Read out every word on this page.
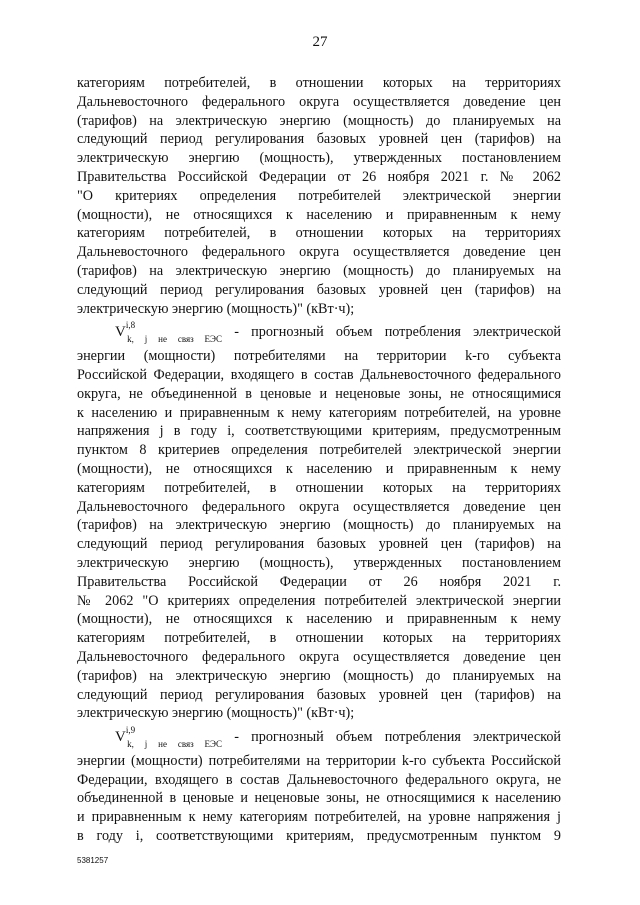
27

категориям потребителей, в отношении которых на территориях
Дальневосточного федерального округа осуществляется доведение цен
(тарифов) на электрическую энергию (мощность) до планируемых на
следующий период регулирования базовых уровней цен (тарифов) на
электрическую энергию (мощность), утвержденных постановлением
Правительства Российской Федерации от 26 ноября 2021 г. № 2062
"О критериях определения потребителей электрической энергии
(мощности), не относящихся к населению и приравненным к нему
категориям потребителей, в отношении которых на территориях
Дальневосточного федерального округа осуществляется доведение цен
(тарифов) на электрическую энергию (мощность) до планируемых на
следующий период регулирования базовых уровней цен (тарифов) на
электрическую энергию (мощность)" (кВт·ч);

V$^{i,8}_{k, j не связ ЕЭС}$ - прогнозный объем потребления электрической
энергии (мощности) потребителями на территории k-го субъекта
Российской Федерации, входящего в состав Дальневосточного федерального
округа, не объединенной в ценовые и неценовые зоны, не относящимися
к населению и приравненным к нему категориям потребителей, на уровне
напряжения j в году i, соответствующими критериям, предусмотренным
пунктом 8 критериев определения потребителей электрической энергии
(мощности), не относящихся к населению и приравненным к нему
категориям потребителей, в отношении которых на территориях
Дальневосточного федерального округа осуществляется доведение цен
(тарифов) на электрическую энергию (мощность) до планируемых на
следующий период регулирования базовых уровней цен (тарифов) на
электрическую энергию (мощность), утвержденных постановлением
Правительства Российской Федерации от 26 ноября 2021 г.
№ 2062 "О критериях определения потребителей электрической энергии
(мощности), не относящихся к населению и приравненным к нему
категориям потребителей, в отношении которых на территориях
Дальневосточного федерального округа осуществляется доведение цен
(тарифов) на электрическую энергию (мощность) до планируемых на
следующий период регулирования базовых уровней цен (тарифов) на
электрическую энергию (мощность)" (кВт·ч);

V$^{i,9}_{k, j не связ ЕЭС}$ - прогнозный объем потребления электрической
энергии (мощности) потребителями на территории k-го субъекта Российской
Федерации, входящего в состав Дальневосточного федерального округа, не
объединенной в ценовые и неценовые зоны, не относящимися к населению
и приравненным к нему категориям потребителей, на уровне напряжения j
в году i, соответствующими критериям, предусмотренным пунктом 9

5381257
